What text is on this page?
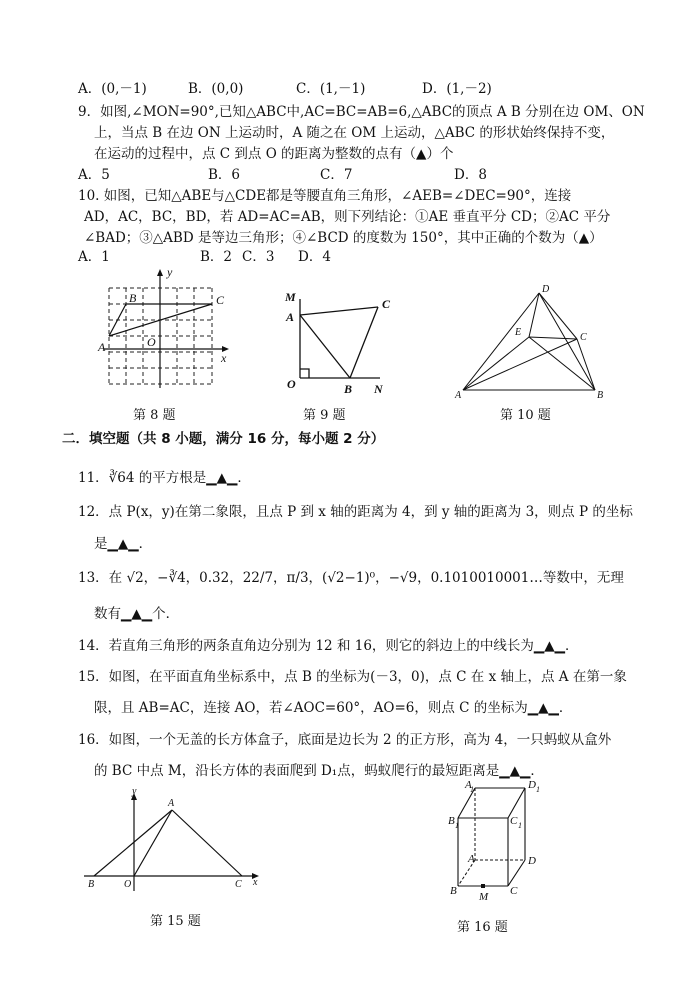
A．(0,－1)	B．(0,0)	C．(1,－1)	D．(1,－2)
9．如图,∠MON=90°,已知△ABC中,AC=BC=AB=6,△ABC的顶点 A B 分别在边 OM、ON
上，当点 B 在边 ON 上运动时，A 随之在 OM 上运动，△ABC 的形状始终保持不变，
在运动的过程中，点 C 到点 O 的距离为整数的点有（▲）个
A．5	B．6	C．7	D．8
10. 如图，已知△ABE与△CDE都是等腰直角三角形，∠AEB=∠DEC=90°，连接
AD，AC，BC，BD，若 AD=AC=AB，则下列结论：①AE 垂直平分 CD；②AC 平分
∠BAD；③△ABD 是等边三角形；④∠BCD 的度数为 150°，其中正确的个数为（▲）
A．1	B．2 C．3 D．4
B	C
A	O
x
y
第 8 题
M
A
C
O	B N
第 9 题
D
E	C
A	B
第 10 题
二．填空题（共 8 小题，满分 16 分，每小题 2 分）
11．∛64 的平方根是▁▲▁．
12．点 P(x，y)在第二象限，且点 P 到 x 轴的距离为 4，到 y 轴的距离为 3，则点 P 的坐标
是▁▲▁．
13．在 √2，−∛4，0.32，22/7，π/3，(√2−1)⁰，−√9，0.1010010001…等数中，无理
数有▁▲▁个．
14．若直角三角形的两条直角边分别为 12 和 16，则它的斜边上的中线长为▁▲▁．
15．如图，在平面直角坐标系中，点 B 的坐标为(－3，0)，点 C 在 x 轴上，点 A 在第一象
限，且 AB=AC，连接 AO，若∠AOC=60°，AO=6，则点 C 的坐标为▁▲▁．
16．如图，一个无盖的长方体盒子，底面是边长为 2 的正方形，高为 4，一只蚂蚁从盒外
的 BC 中点 M，沿长方体的表面爬到 D₁点，蚂蚁爬行的最短距离是▁▲▁．
y
A
B	O	C x
第 15 题
A
1	D 1
B 1	C 1
A	D
B M C
第 16 题
